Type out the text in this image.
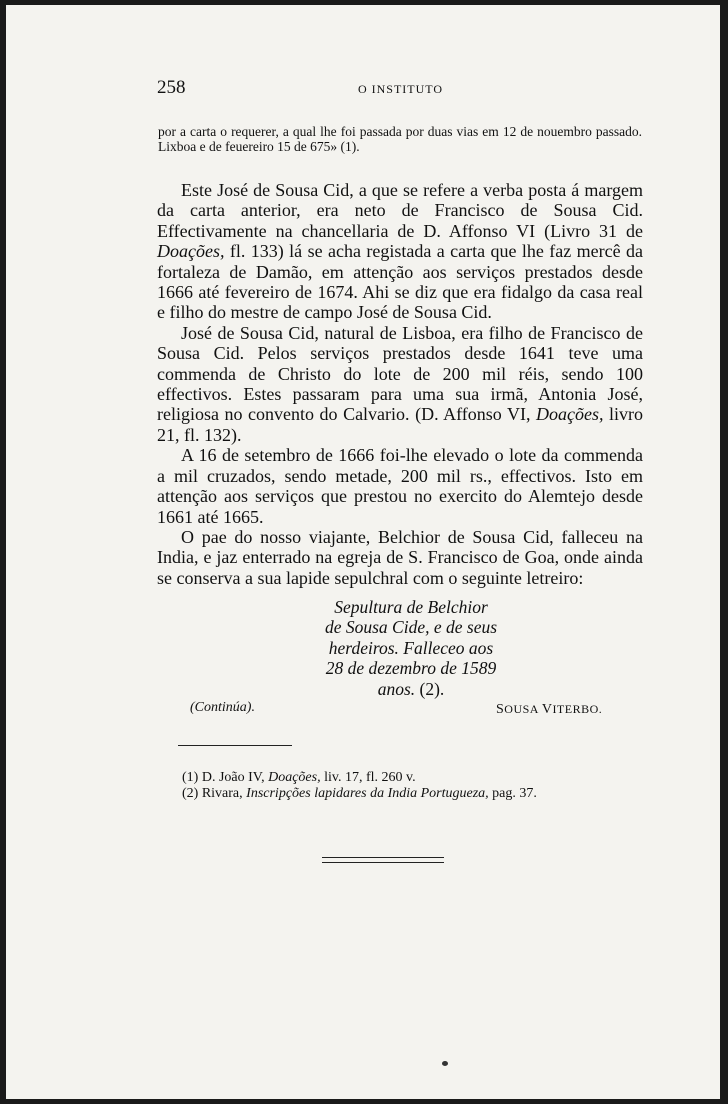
258	O INSTITUTO
por a carta o requerer, a qual lhe foi passada por duas vias em 12 de nouembro passado. Lixboa e de feuereiro 15 de 675» (1).

Este José de Sousa Cid, a que se refere a verba posta á margem da carta anterior, era neto de Francisco de Sousa Cid. Effectivamente na chancellaria de D. Affonso VI (Livro 31 de Doações, fl. 133) lá se acha registada a carta que lhe faz mercê da fortaleza de Damão, em attenção aos serviços prestados desde 1666 até fevereiro de 1674. Ahi se diz que era fidalgo da casa real e filho do mestre de campo José de Sousa Cid.

José de Sousa Cid, natural de Lisboa, era filho de Francisco de Sousa Cid. Pelos serviços prestados desde 1641 teve uma commenda de Christo do lote de 200 mil réis, sendo 100 effectivos. Estes passaram para uma sua irmã, Antonia José, religiosa no convento do Calvario. (D. Affonso VI, Doações, livro 21, fl. 132).

A 16 de setembro de 1666 foi-lhe elevado o lote da commenda a mil cruzados, sendo metade, 200 mil rs., effectivos. Isto em attenção aos serviços que prestou no exercito do Alemtejo desde 1661 até 1665.

O pae do nosso viajante, Belchior de Sousa Cid, falleceu na India, e jaz enterrado na egreja de S. Francisco de Goa, onde ainda se conserva a sua lapide sepulchral com o seguinte letreiro:

Sepultura de Belchior
de Sousa Cide, e de seus
herdeiros. Falleceo aos
28 de dezembro de 1589
anos. (2).
(Continúa).	SOUSA VITERBO.
(1) D. João IV, Doações, liv. 17, fl. 260 v.
(2) Rivara, Inscripções lapidares da India Portugueza, pag. 37.
